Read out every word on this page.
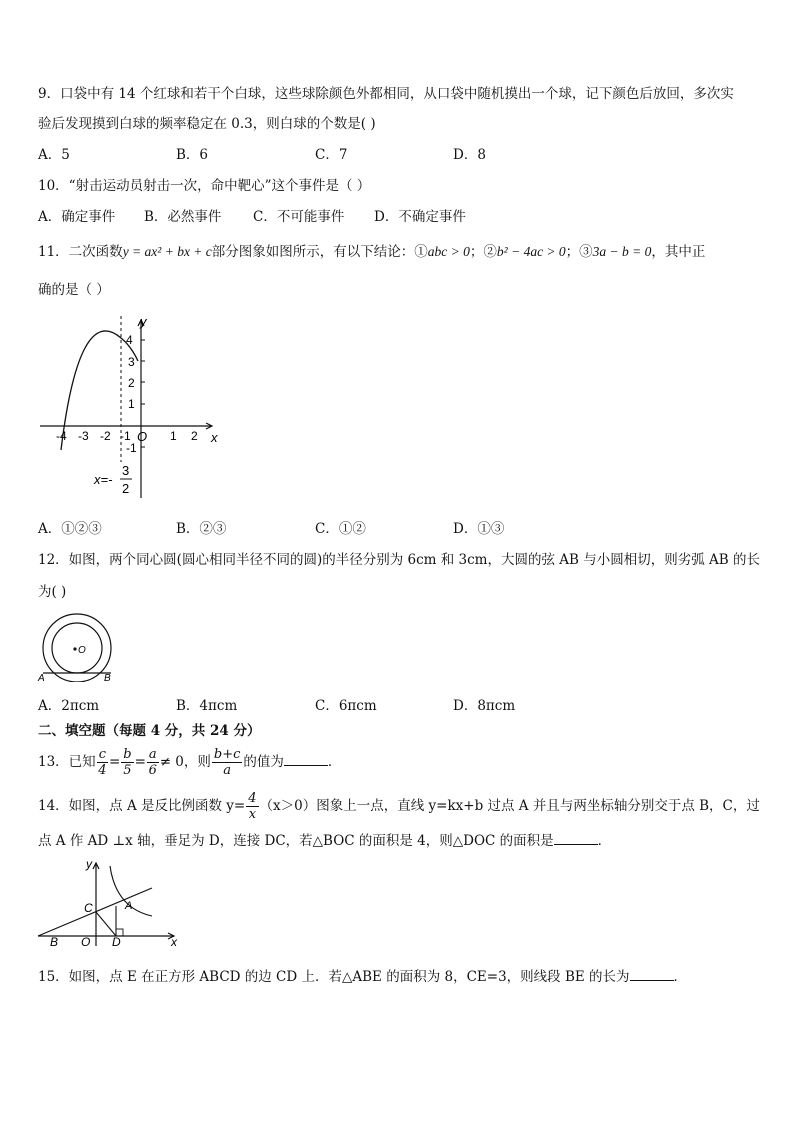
9．口袋中有 14 个红球和若干个白球，这些球除颜色外都相同，从口袋中随机摸出一个球，记下颜色后放回，多次实
验后发现摸到白球的频率稳定在 0.3，则白球的个数是( )
A．5	B．6	C．7	D．8
10．“射击运动员射击一次，命中靶心”这个事件是（ ）
A．确定事件 B．必然事件 C．不可能事件 D．不确定事件
11．二次函数y = ax² + bx + c部分图象如图所示，有以下结论：①abc > 0；②b² − 4ac > 0；③3a − b = 0，其中正
确的是（ ）
y
x
O
4
3
2
1
-1
-4 -3 -2 -1	1 2
x=-
3
2
A．①②③	B．②③	C．①②	D．①③
12．如图，两个同心圆(圆心相同半径不同的圆)的半径分别为 6cm 和 3cm，大圆的弦 AB 与小圆相切，则劣弧 AB 的长
为( )
O
A	B
A．2πcm	B．4πcm	C．6πcm	D．8πcm
二、填空题（每题 4 分，共 24 分）
13．已知 $\frac{c}{4} = \frac{b}{5} = \frac{a}{6} \ne 0$，则 $\frac{b+c}{a}$ 的值为	．
14．如图，点 A 是反比例函数 $y= \frac{4}{x} (x>0)$图象上一点，直线 y=kx+b 过点 A 并且与两坐标轴分别交于点 B，C，过
点 A 作 AD ⊥x 轴，垂足为 D，连接 DC，若△BOC 的面积是 4，则△DOC 的面积是	．
y
x
A
B
C
D
O
15．如图，点 E 在正方形 ABCD 的边 CD 上．若△ABE 的面积为 8，CE=3，则线段 BE 的长为	．
